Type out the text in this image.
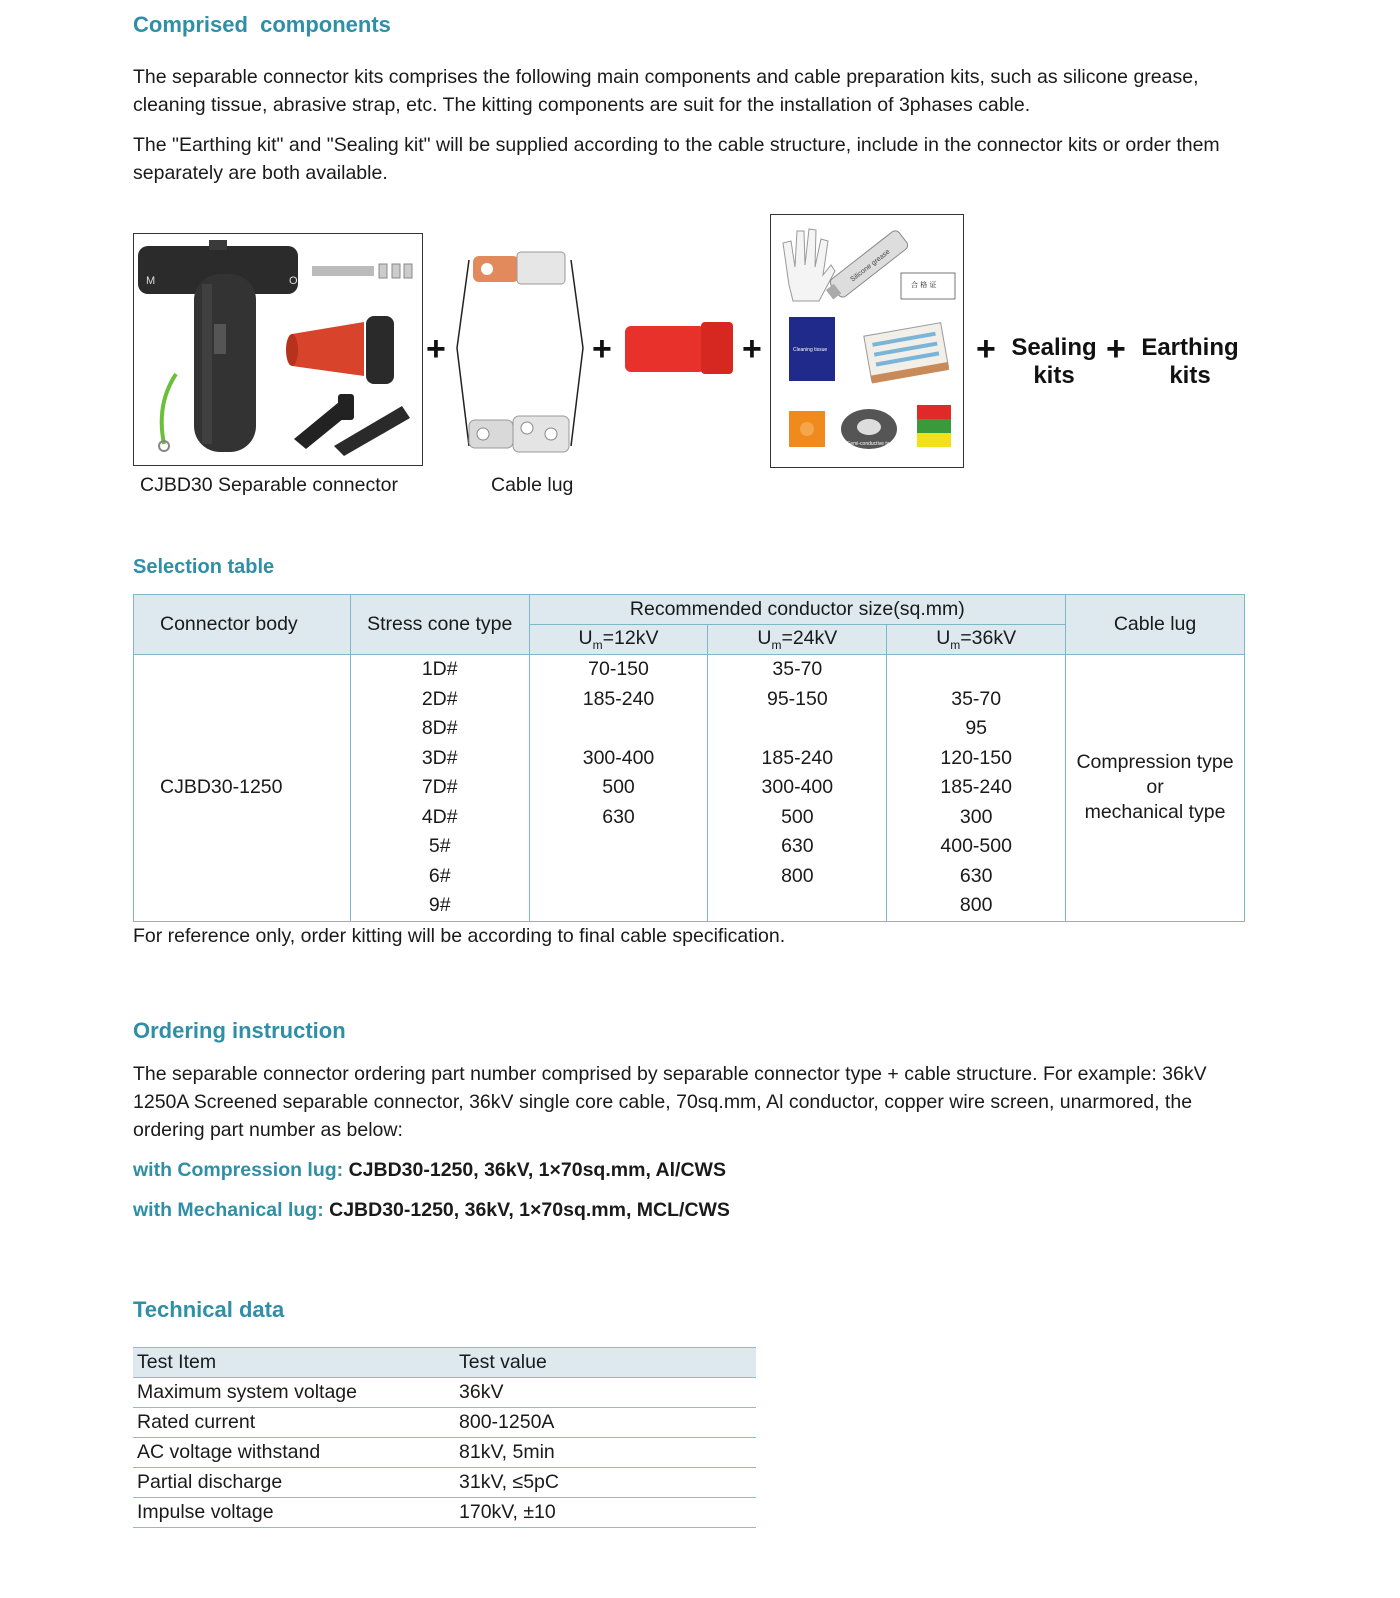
Comprised  components
The separable connector kits comprises the following main components and cable preparation kits, such as silicone grease, cleaning tissue, abrasive strap, etc. The kitting components are suit for the installation of 3phases cable.
The "Earthing kit" and "Sealing kit" will be supplied according to the cable structure, include in the connector kits or order them separately are both available.
M	O
CJBD30 Separable connector
+
Cable lug
+	+
Silicone grease
合 格 证
Cleaning tissue
Semi-conductive tape
+ Sealing
kits
+ Earthing
kits
Selection table
Connector body	Stress cone type	Recommended conductor size(sq.mm)			Cable lug
		$U_m=12kV$	$U_m=24kV$	$U_m=36kV$	
CJBD30-1250	1D#	70-150	35-70		Compression type
or
mechanical type

	2D#	185-240	95-150	35-70	
	8D#			95	
	3D#	300-400	185-240	120-150	
	7D#	500	300-400	185-240	
	4D#	630	500	300	
	5#		630	400-500	
	6#		800	630	
	9#			800	
For reference only, order kitting will be according to final cable specification.
Ordering instruction
The separable connector ordering part number comprised by separable connector type + cable structure. For example: 36kV 1250A Screened separable connector, 36kV single core cable, 70sq.mm, Al conductor, copper wire screen, unarmored, the ordering part number as below:
with Compression lug: CJBD30-1250, 36kV, 1×70sq.mm, Al/CWS
with Mechanical lug: CJBD30-1250, 36kV, 1×70sq.mm, MCL/CWS
Technical data
Test Item	Test value
Maximum system voltage	36kV
Rated current	800-1250A
AC voltage withstand	81kV, 5min
Partial discharge	31kV, ≤5pC
Impulse voltage	170kV, ±10
